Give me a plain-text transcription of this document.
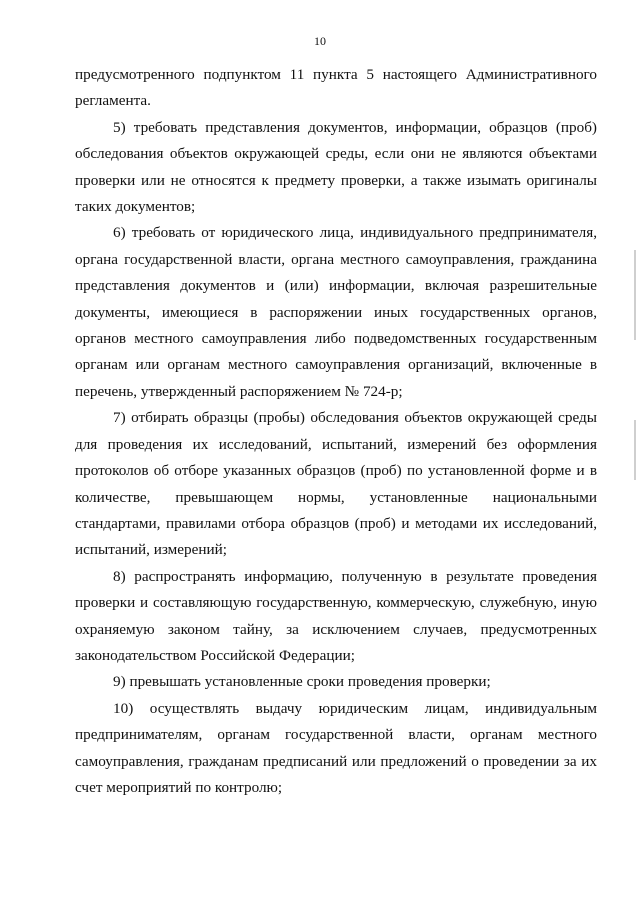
10
предусмотренного подпунктом 11 пункта 5 настоящего Административного
регламента.
5) требовать представления документов, информации, образцов (проб)
обследования объектов окружающей среды, если они не являются объектами
проверки или не относятся к предмету проверки, а также изымать оригиналы
таких документов;
6) требовать от юридического лица, индивидуального предпринимателя,
органа государственной власти, органа местного самоуправления, гражданина
представления документов и (или) информации, включая разрешительные
документы, имеющиеся в распоряжении иных государственных органов,
органов местного самоуправления либо подведомственных государственным
органам или органам местного самоуправления организаций, включенные в
перечень, утвержденный распоряжением № 724-р;
7) отбирать образцы (пробы) обследования объектов окружающей среды
для проведения их исследований, испытаний, измерений без оформления
протоколов об отборе указанных образцов (проб) по установленной форме и в
количестве, превышающем нормы, установленные национальными
стандартами, правилами отбора образцов (проб) и методами их исследований,
испытаний, измерений;
8) распространять информацию, полученную в результате проведения
проверки и составляющую государственную, коммерческую, служебную, иную
охраняемую законом тайну, за исключением случаев, предусмотренных
законодательством Российской Федерации;
9) превышать установленные сроки проведения проверки;
10) осуществлять выдачу юридическим лицам, индивидуальным
предпринимателям, органам государственной власти, органам местного
самоуправления, гражданам предписаний или предложений о проведении за их
счет мероприятий по контролю;
